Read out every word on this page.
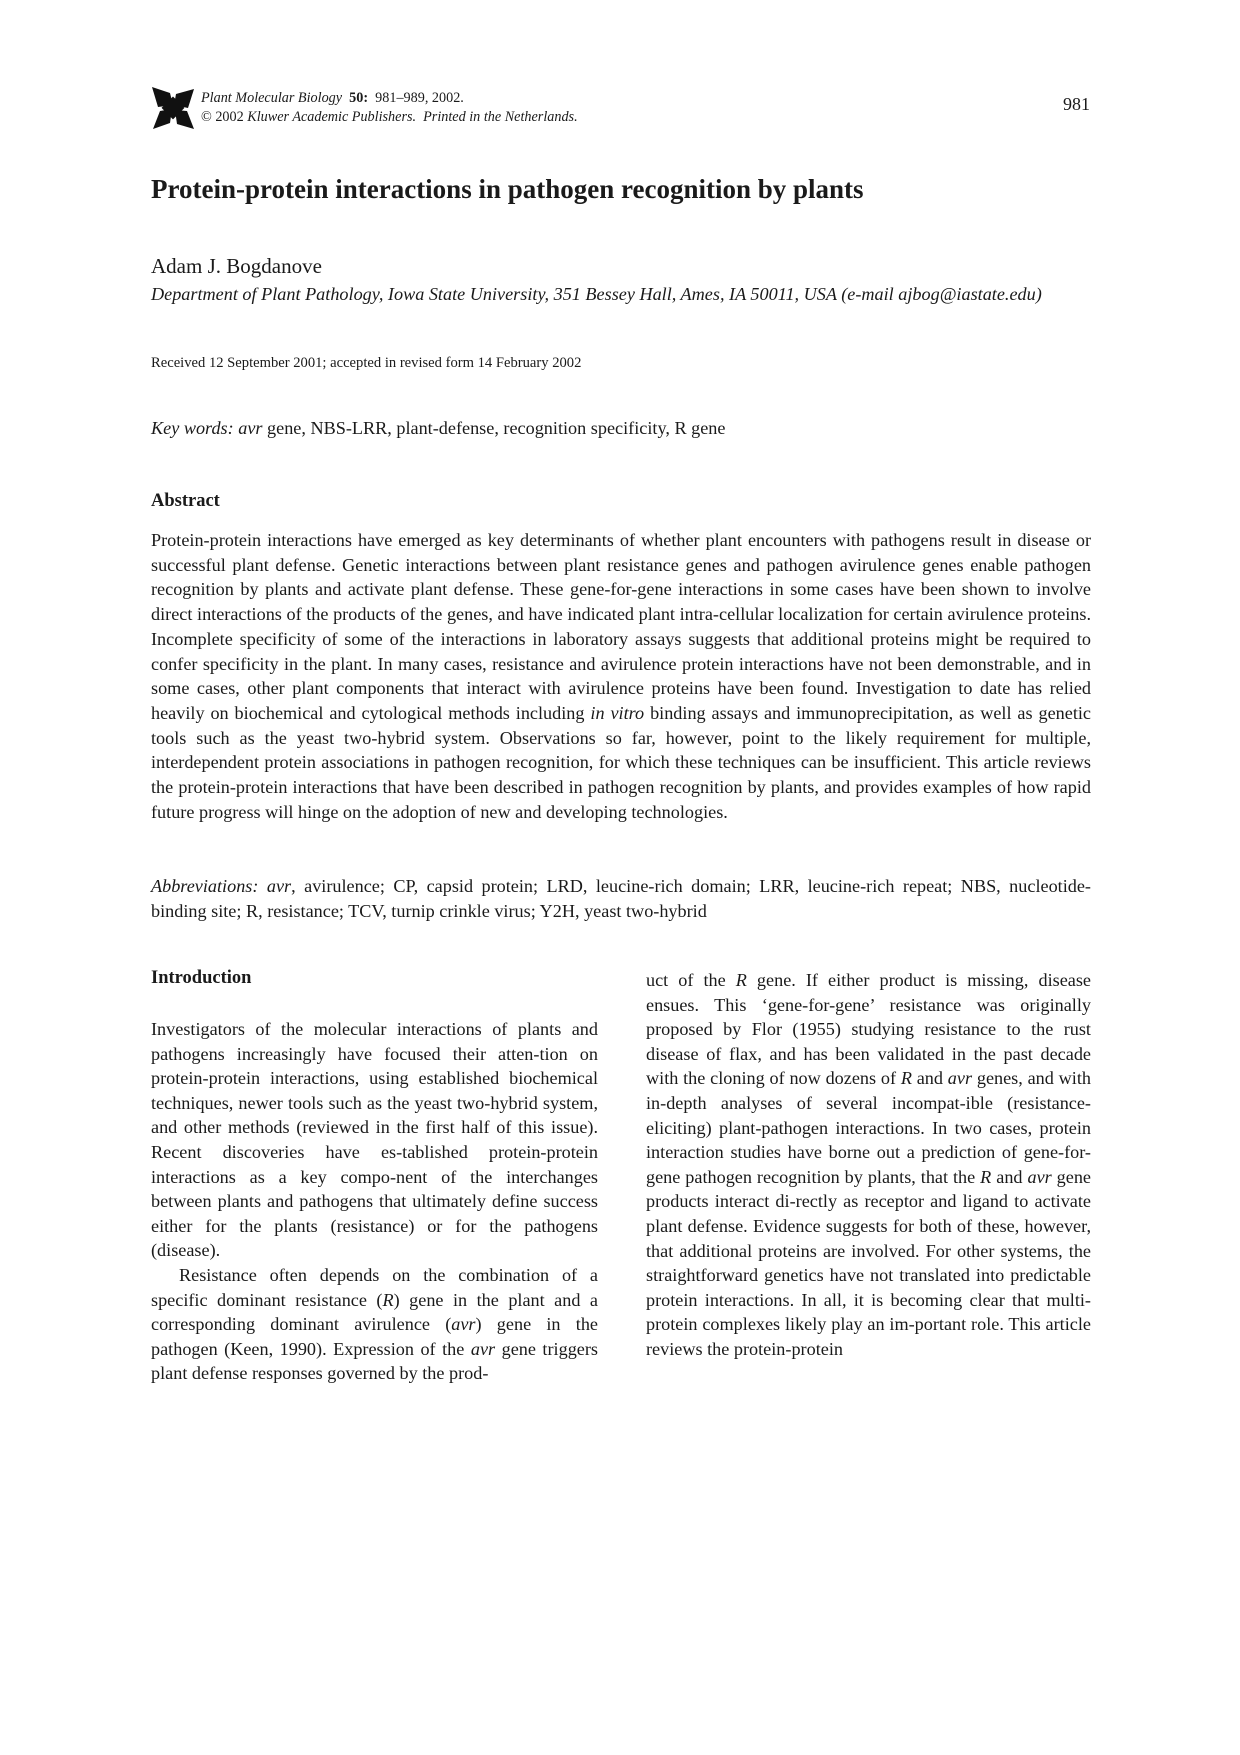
Plant Molecular Biology 50: 981–989, 2002.
© 2002 Kluwer Academic Publishers. Printed in the Netherlands.
981
Protein-protein interactions in pathogen recognition by plants
Adam J. Bogdanove
Department of Plant Pathology, Iowa State University, 351 Bessey Hall, Ames, IA 50011, USA (e-mail ajbog@iastate.edu)
Received 12 September 2001; accepted in revised form 14 February 2002
Key words: avr gene, NBS-LRR, plant-defense, recognition specificity, R gene
Abstract
Protein-protein interactions have emerged as key determinants of whether plant encounters with pathogens result in disease or successful plant defense. Genetic interactions between plant resistance genes and pathogen avirulence genes enable pathogen recognition by plants and activate plant defense. These gene-for-gene interactions in some cases have been shown to involve direct interactions of the products of the genes, and have indicated plant intra-cellular localization for certain avirulence proteins. Incomplete specificity of some of the interactions in laboratory assays suggests that additional proteins might be required to confer specificity in the plant. In many cases, resistance and avirulence protein interactions have not been demonstrable, and in some cases, other plant components that interact with avirulence proteins have been found. Investigation to date has relied heavily on biochemical and cytological methods including in vitro binding assays and immunoprecipitation, as well as genetic tools such as the yeast two-hybrid system. Observations so far, however, point to the likely requirement for multiple, interdependent protein associations in pathogen recognition, for which these techniques can be insufficient. This article reviews the protein-protein interactions that have been described in pathogen recognition by plants, and provides examples of how rapid future progress will hinge on the adoption of new and developing technologies.
Abbreviations: avr, avirulence; CP, capsid protein; LRD, leucine-rich domain; LRR, leucine-rich repeat; NBS, nucleotide-binding site; R, resistance; TCV, turnip crinkle virus; Y2H, yeast two-hybrid
Introduction

Investigators of the molecular interactions of plants and pathogens increasingly have focused their atten-tion on protein-protein interactions, using established biochemical techniques, newer tools such as the yeast two-hybrid system, and other methods (reviewed in the first half of this issue). Recent discoveries have es-tablished protein-protein interactions as a key compo-nent of the interchanges between plants and pathogens that ultimately define success either for the plants (resistance) or for the pathogens (disease).

Resistance often depends on the combination of a specific dominant resistance (R) gene in the plant and a corresponding dominant avirulence (avr) gene in the pathogen (Keen, 1990). Expression of the avr gene triggers plant defense responses governed by the prod-

uct of the R gene. If either product is missing, disease ensues. This ‘gene-for-gene’ resistance was originally proposed by Flor (1955) studying resistance to the rust disease of flax, and has been validated in the past decade with the cloning of now dozens of R and avr genes, and with in-depth analyses of several incompat-ible (resistance-eliciting) plant-pathogen interactions. In two cases, protein interaction studies have borne out a prediction of gene-for-gene pathogen recognition by plants, that the R and avr gene products interact di-rectly as receptor and ligand to activate plant defense. Evidence suggests for both of these, however, that additional proteins are involved. For other systems, the straightforward genetics have not translated into predictable protein interactions. In all, it is becoming clear that multi-protein complexes likely play an im-portant role. This article reviews the protein-protein
